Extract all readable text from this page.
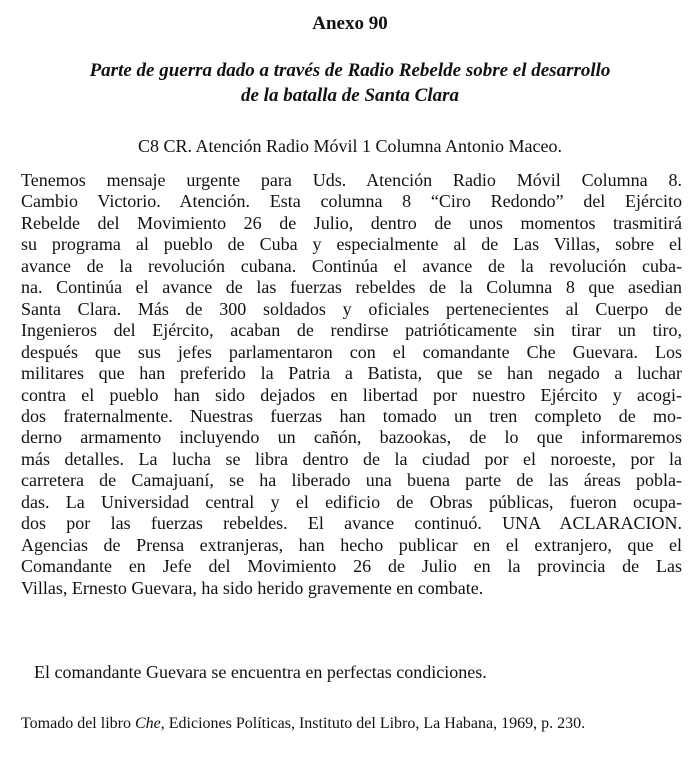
Anexo 90
Parte de guerra dado a través de Radio Rebelde sobre el desarrollo
de la batalla de Santa Clara
C8 CR. Atención Radio Móvil 1 Columna Antonio Maceo.
Tenemos mensaje urgente para Uds. Atención Radio Móvil Columna 8.
Cambio Victorio. Atención. Esta columna 8 “Ciro Redondo” del Ejército
Rebelde del Movimiento 26 de Julio, dentro de unos momentos trasmitirá
su programa al pueblo de Cuba y especialmente al de Las Villas, sobre el
avance de la revolución cubana. Continúa el avance de la revolución cuba-
na. Continúa el avance de las fuerzas rebeldes de la Columna 8 que asedian
Santa Clara. Más de 300 soldados y oficiales pertenecientes al Cuerpo de
Ingenieros del Ejército, acaban de rendirse patrióticamente sin tirar un tiro,
después que sus jefes parlamentaron con el comandante Che Guevara. Los
militares que han preferido la Patria a Batista, que se han negado a luchar
contra el pueblo han sido dejados en libertad por nuestro Ejército y acogi-
dos fraternalmente. Nuestras fuerzas han tomado un tren completo de mo-
derno armamento incluyendo un cañón, bazookas, de lo que informaremos
más detalles. La lucha se libra dentro de la ciudad por el noroeste, por la
carretera de Camajuaní, se ha liberado una buena parte de las áreas pobla-
das. La Universidad central y el edificio de Obras públicas, fueron ocupa-
dos por las fuerzas rebeldes. El avance continuó. UNA ACLARACION.
Agencias de Prensa extranjeras, han hecho publicar en el extranjero, que el
Comandante en Jefe del Movimiento 26 de Julio en la provincia de Las
Villas, Ernesto Guevara, ha sido herido gravemente en combate.
El comandante Guevara se encuentra en perfectas condiciones.
Tomado del libro Che, Ediciones Políticas, Instituto del Libro, La Habana, 1969, p. 230.
